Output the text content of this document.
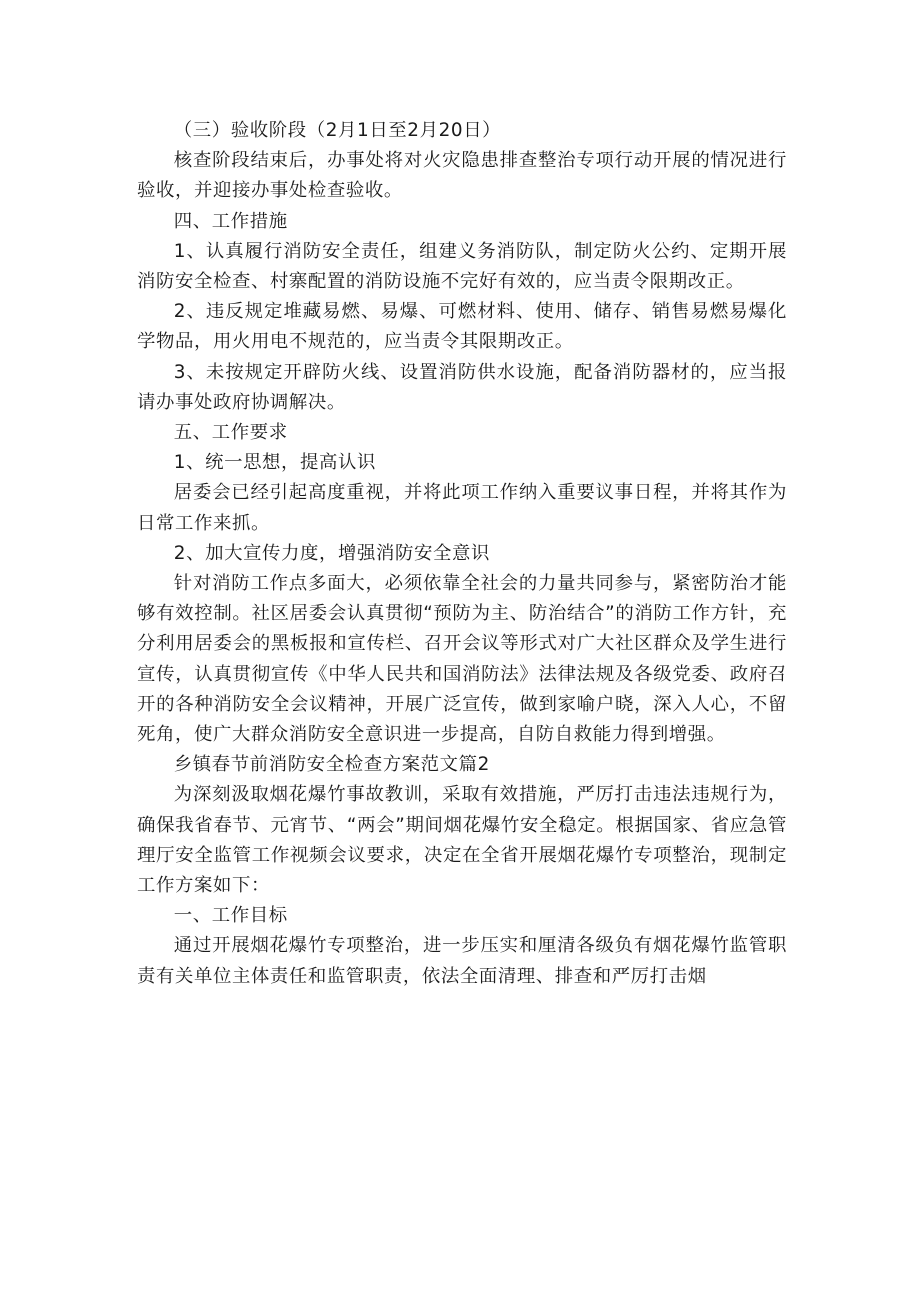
（三）验收阶段（2月1日至2月20日）

核查阶段结束后，办事处将对火灾隐患排查整治专项行动开展的情况进行验收，并迎接办事处检查验收。

四、工作措施

1、认真履行消防安全责任，组建义务消防队，制定防火公约、定期开展消防安全检查、村寨配置的消防设施不完好有效的，应当责令限期改正。

2、违反规定堆藏易燃、易爆、可燃材料、使用、储存、销售易燃易爆化学物品，用火用电不规范的，应当责令其限期改正。

3、未按规定开辟防火线、设置消防供水设施，配备消防器材的，应当报请办事处政府协调解决。

五、工作要求

1、统一思想，提高认识

居委会已经引起高度重视，并将此项工作纳入重要议事日程，并将其作为日常工作来抓。

2、加大宣传力度，增强消防安全意识

针对消防工作点多面大，必须依靠全社会的力量共同参与，紧密防治才能够有效控制。社区居委会认真贯彻“预防为主、防治结合”的消防工作方针，充分利用居委会的黑板报和宣传栏、召开会议等形式对广大社区群众及学生进行宣传，认真贯彻宣传《中华人民共和国消防法》法律法规及各级党委、政府召开的各种消防安全会议精神，开展广泛宣传，做到家喻户晓，深入人心，不留死角，使广大群众消防安全意识进一步提高，自防自救能力得到增强。

乡镇春节前消防安全检查方案范文篇2

为深刻汲取烟花爆竹事故教训，采取有效措施，严厉打击违法违规行为，确保我省春节、元宵节、“两会”期间烟花爆竹安全稳定。根据国家、省应急管理厅安全监管工作视频会议要求，决定在全省开展烟花爆竹专项整治，现制定工作方案如下：

一、工作目标

通过开展烟花爆竹专项整治，进一步压实和厘清各级负有烟花爆竹监管职责有关单位主体责任和监管职责，依法全面清理、排查和严厉打击烟
